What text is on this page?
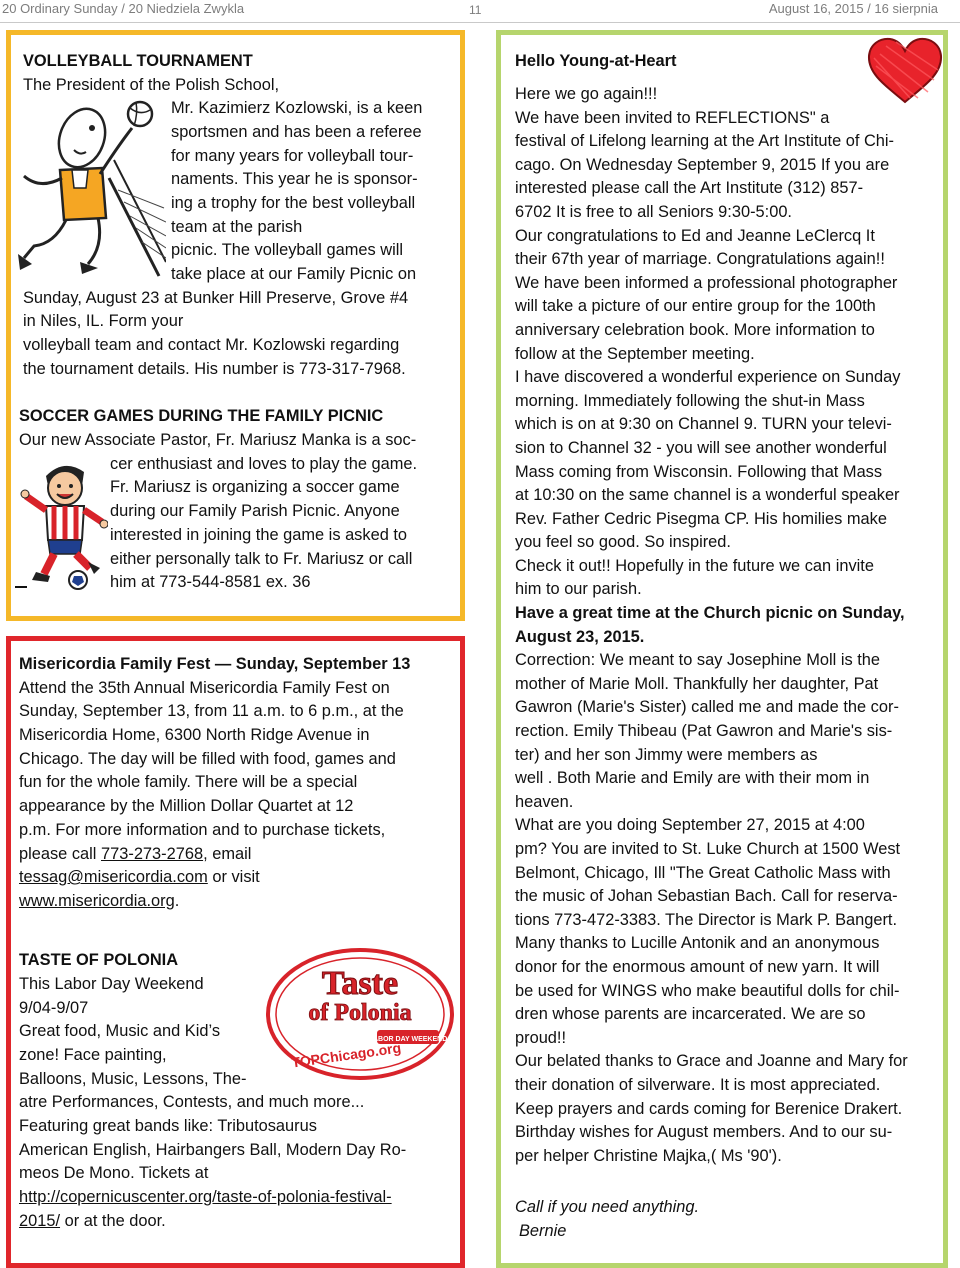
20 Ordinary Sunday / 20 Niedziela Zwykla	11	August 16, 2015 / 16 sierpnia
VOLLEYBALL TOURNAMENT
The President of the Polish School,
Mr. Kazimierz Kozlowski, is a keen
sportsmen and has been a referee
for many years for volleyball tour-
naments. This year he is sponsor-
ing a trophy for the best volleyball
team at the parish
picnic. The volleyball games will
take place at our Family Picnic on
Sunday, August 23 at Bunker Hill Preserve, Grove #4
in Niles, IL. Form your
volleyball team and contact Mr. Kozlowski regarding
the tournament details. His number is 773-317-7968.
SOCCER GAMES DURING THE FAMILY PICNIC
Our new Associate Pastor, Fr. Mariusz Manka is a soc-
cer enthusiast and loves to play the game.
Fr. Mariusz is organizing a soccer game
during our Family Parish Picnic. Anyone
interested in joining the game is asked to
either personally talk to Fr. Mariusz or call
him at 773-544-8581 ex. 36
Misericordia Family Fest — Sunday, September 13
Attend the 35th Annual Misericordia Family Fest on
Sunday, September 13, from 11 a.m. to 6 p.m., at the
Misericordia Home, 6300 North Ridge Avenue in
Chicago. The day will be filled with food, games and
fun for the whole family. There will be a special
appearance by the Million Dollar Quartet at 12
p.m. For more information and to purchase tickets,
please call 773-273-2768, email
tessag@misericordia.com or visit
www.misericordia.org.
TASTE OF POLONIA
This Labor Day Weekend
9/04-9/07
Great food, Music and Kid’s
zone! Face painting,
Balloons, Music, Lessons, The-
atre Performances, Contests, and much more...
Featuring great bands like: Tributosaurus
American English, Hairbangers Ball, Modern Day Ro-
meos De Mono. Tickets at
http://copernicuscenter.org/taste-of-polonia-festival-
2015/ or at the door.
Taste
of Polonia
LABOR DAY WEEKEND
TOPChicago.org
Hello Young-at-Heart
Here we go again!!!
We have been invited to REFLECTIONS" a
festival of Lifelong learning at the Art Institute of Chi-
cago. On Wednesday September 9, 2015 If you are
interested please call the Art Institute (312) 857-
6702 It is free to all Seniors 9:30-5:00.
Our congratulations to Ed and Jeanne LeClercq It
their 67th year of marriage. Congratulations again!!
We have been informed a professional photographer
will take a picture of our entire group for the 100th
anniversary celebration book. More information to
follow at the September meeting.
I have discovered a wonderful experience on Sunday
morning. Immediately following the shut-in Mass
which is on at 9:30 on Channel 9. TURN your televi-
sion to Channel 32 - you will see another wonderful
Mass coming from Wisconsin. Following that Mass
at 10:30 on the same channel is a wonderful speaker
Rev. Father Cedric Pisegma CP. His homilies make
you feel so good. So inspired.
Check it out!! Hopefully in the future we can invite
him to our parish.
Have a great time at the Church picnic on Sunday,
August 23, 2015.
Correction: We meant to say Josephine Moll is the
mother of Marie Moll. Thankfully her daughter, Pat
Gawron (Marie's Sister) called me and made the cor-
rection. Emily Thibeau (Pat Gawron and Marie's sis-
ter) and her son Jimmy were members as
well . Both Marie and Emily are with their mom in
heaven.
What are you doing September 27, 2015 at 4:00
pm? You are invited to St. Luke Church at 1500 West
Belmont, Chicago, Ill "The Great Catholic Mass with
the music of Johan Sebastian Bach. Call for reserva-
tions 773-472-3383. The Director is Mark P. Bangert.
Many thanks to Lucille Antonik and an anonymous
donor for the enormous amount of new yarn. It will
be used for WINGS who make beautiful dolls for chil-
dren whose parents are incarcerated. We are so
proud!!
Our belated thanks to Grace and Joanne and Mary for
their donation of silverware. It is most appreciated.
Keep prayers and cards coming for Berenice Drakert.
Birthday wishes for August members. And to our su-
per helper Christine Majka,( Ms '90').
Call if you need anything.
Bernie
